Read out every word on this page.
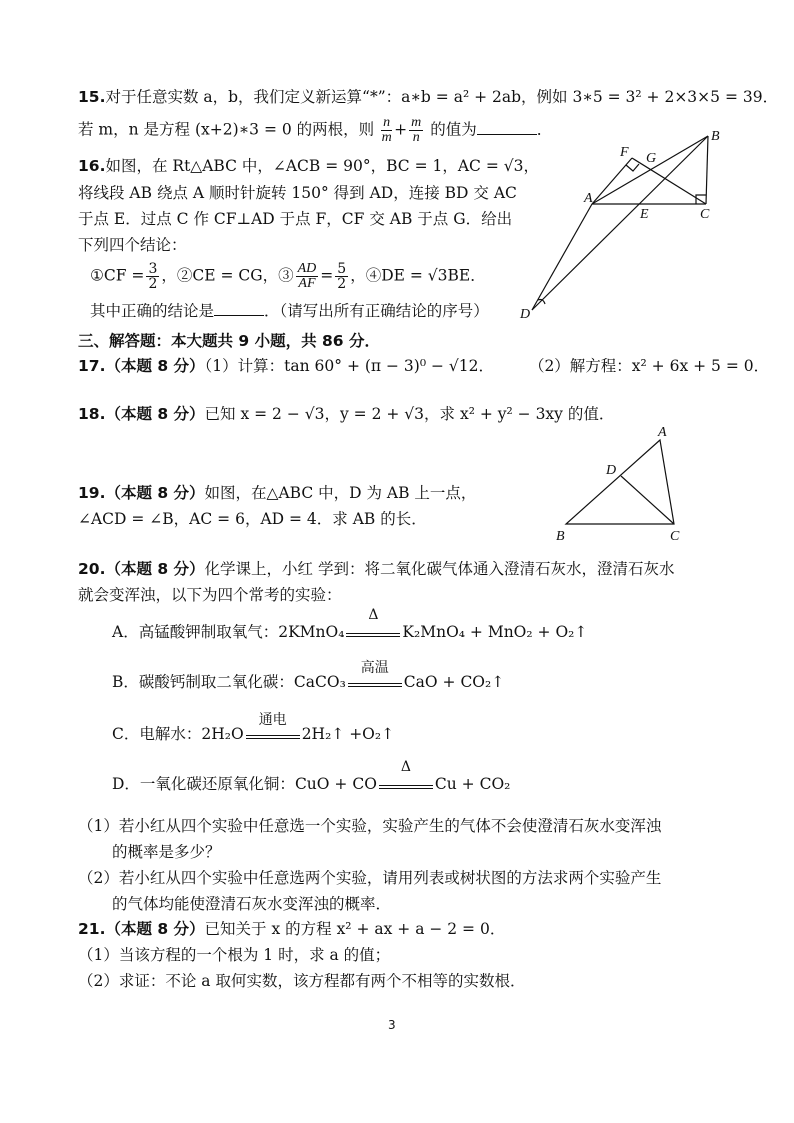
15.对于任意实数 a，b，我们定义新运算“*”：a∗b = a² + 2ab，例如 3∗5 = 3² + 2×3×5 = 39．
若 m，n 是方程 (x+2)∗3 = 0 的两根，则 $\frac{n}{m} + \frac{m}{n}$ 的值为	．
16.如图，在 Rt△ABC 中，∠ACB = 90°，BC = 1，AC = √3，
将线段 AB 绕点 A 顺时针旋转 150° 得到 AD，连接 BD 交 AC
于点 E．过点 C 作 CF⊥AD 于点 F，CF 交 AB 于点 G．给出
下列四个结论：
①CF = $\frac{3}{2}$ ，②CE = CG，③ $\frac{AD}{AF} = \frac{5}{2}$ ，④DE = √3BE．
其中正确的结论是	．（请写出所有正确结论的序号）
F G
B
A
E	C
D
三、解答题：本大题共 9 小题，共 86 分．
17.（本题 8 分）（1）计算：tan 60° + (π − 3)⁰ − √12． （2）解方程：x² + 6x + 5 = 0．
18.（本题 8 分）已知 x = 2 − √3，y = 2 + √3，求 x² + y² − 3xy 的值．
19.（本题 8 分）如图，在△ABC 中，D 为 AB 上一点，
∠ACD = ∠B，AC = 6，AD = 4．求 AB 的长．
A
D
B	C
20.（本题 8 分）化学课上，小红 学到：将二氧化碳气体通入澄清石灰水，澄清石灰水
就会变浑浊，以下为四个常考的实验：
A．高锰酸钾制取氧气：2KMnO₄
Δ
K₂MnO₄ + MnO₂ + O₂↑
B．碳酸钙制取二氧化碳：CaCO₃
高温
CaO + CO₂↑
C．电解水：2H₂O
通电
2H₂↑ +O₂↑
D．一氧化碳还原氧化铜：CuO + CO
Δ
Cu + CO₂
（1）若小红从四个实验中任意选一个实验，实验产生的气体不会使澄清石灰水变浑浊
的概率是多少？
（2）若小红从四个实验中任意选两个实验，请用列表或树状图的方法求两个实验产生
的气体均能使澄清石灰水变浑浊的概率．
21.（本题 8 分）已知关于 x 的方程 x² + ax + a − 2 = 0．
（1）当该方程的一个根为 1 时，求 a 的值；
（2）求证：不论 a 取何实数，该方程都有两个不相等的实数根．
3
